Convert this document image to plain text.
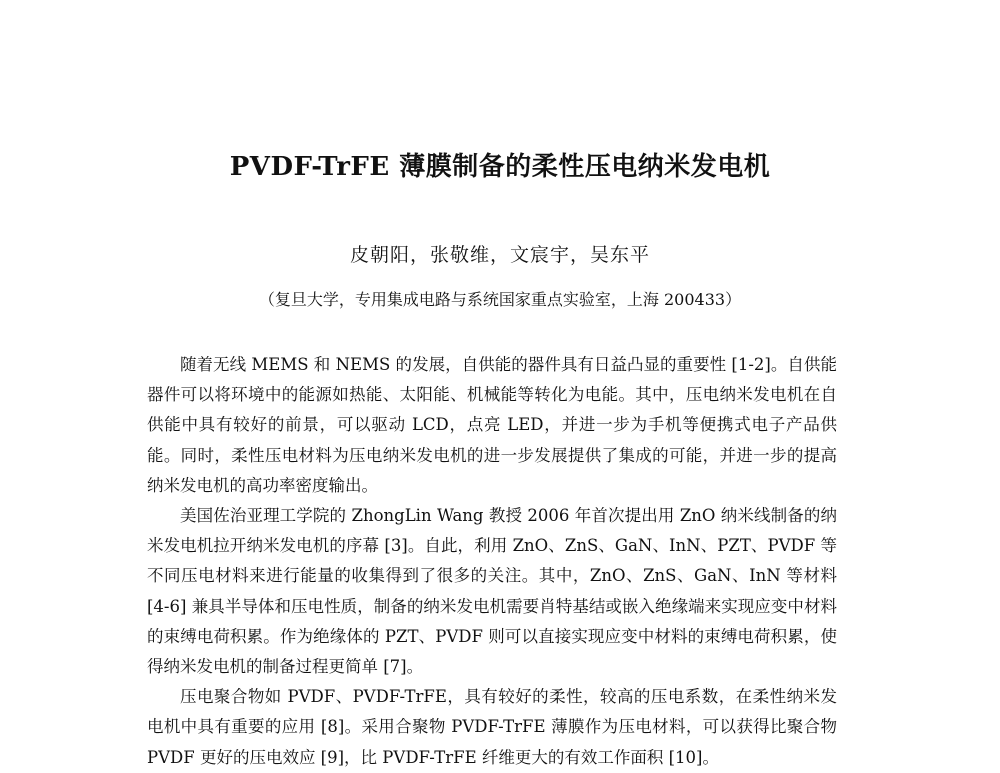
PVDF-TrFE 薄膜制备的柔性压电纳米发电机
皮朝阳，张敬维，文宸宇，吴东平
（复旦大学，专用集成电路与系统国家重点实验室，上海 200433）

随着无线 MEMS 和 NEMS 的发展，自供能的器件具有日益凸显的重要性 [1-2]。自供能器件可以将环境中的能源如热能、太阳能、机械能等转化为电能。其中，压电纳米发电机在自供能中具有较好的前景，可以驱动 LCD，点亮 LED，并进一步为手机等便携式电子产品供能。同时，柔性压电材料为压电纳米发电机的进一步发展提供了集成的可能，并进一步的提高纳米发电机的高功率密度输出。

美国佐治亚理工学院的 ZhongLin Wang 教授 2006 年首次提出用 ZnO 纳米线制备的纳米发电机拉开纳米发电机的序幕 [3]。自此，利用 ZnO、ZnS、GaN、InN、PZT、PVDF 等不同压电材料来进行能量的收集得到了很多的关注。其中，ZnO、ZnS、GaN、InN 等材料 [4-6] 兼具半导体和压电性质，制备的纳米发电机需要肖特基结或嵌入绝缘端来实现应变中材料的束缚电荷积累。作为绝缘体的 PZT、PVDF 则可以直接实现应变中材料的束缚电荷积累，使得纳米发电机的制备过程更简单 [7]。

压电聚合物如 PVDF、PVDF-TrFE，具有较好的柔性，较高的压电系数，在柔性纳米发电机中具有重要的应用 [8]。采用合聚物 PVDF-TrFE 薄膜作为压电材料，可以获得比聚合物 PVDF 更好的压电效应 [9]，比 PVDF-TrFE 纤维更大的有效工作面积 [10]。
